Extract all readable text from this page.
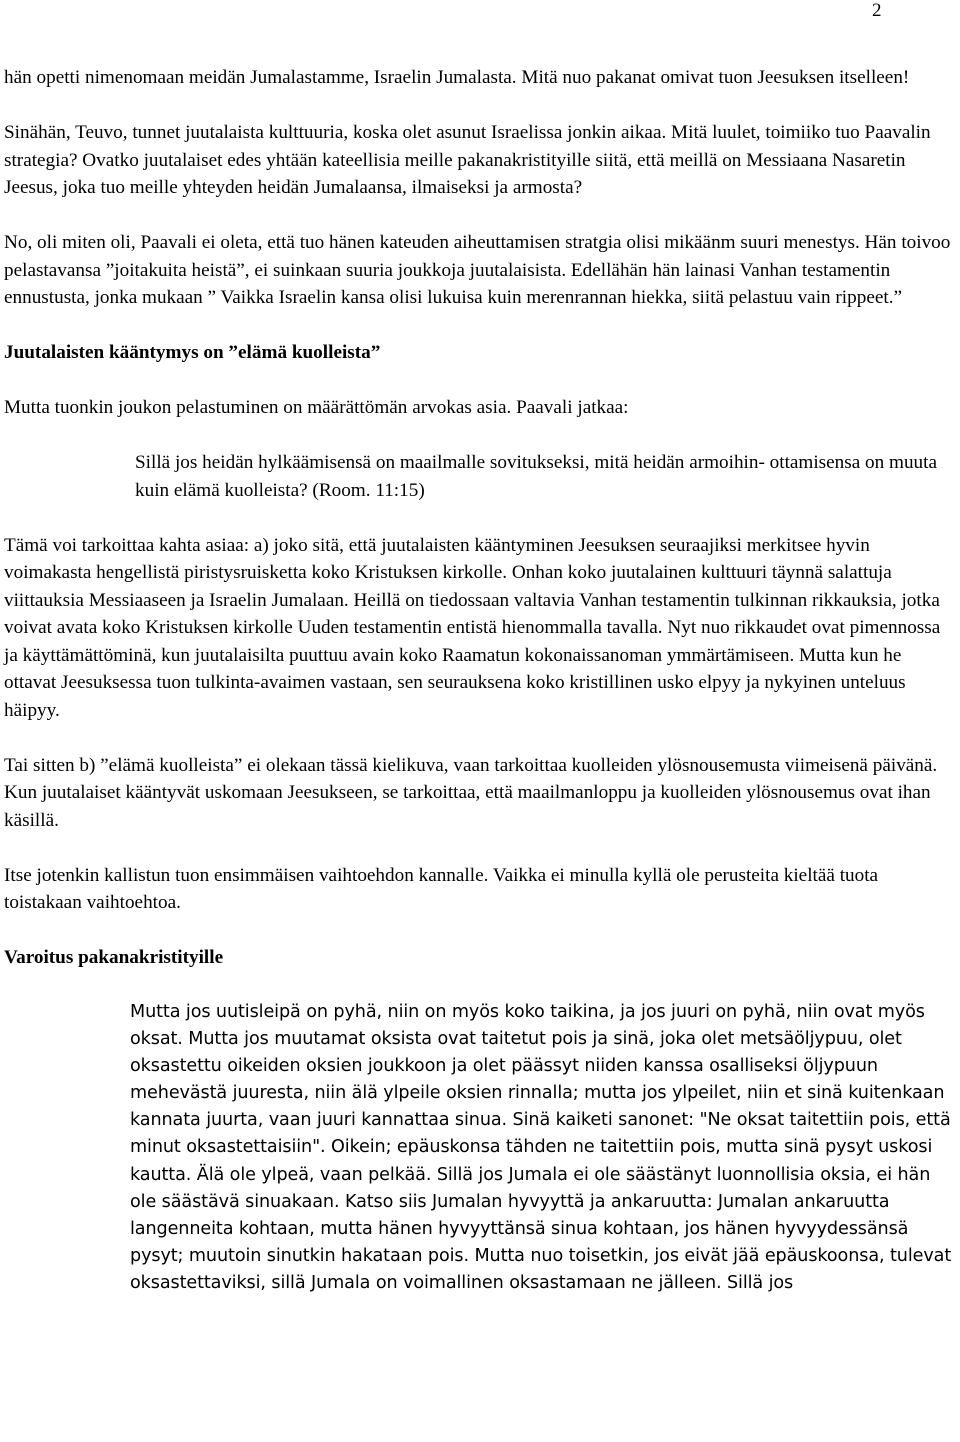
2

hän opetti nimenomaan meidän Jumalastamme, Israelin Jumalasta. Mitä nuo pakanat omivat tuon Jeesuksen itselleen!

Sinähän, Teuvo, tunnet juutalaista kulttuuria, koska olet asunut Israelissa jonkin aikaa. Mitä luulet, toimiiko tuo Paavalin strategia? Ovatko juutalaiset edes yhtään kateellisia meille pakanakristityille siitä, että meillä on Messiaana Nasaretin Jeesus, joka tuo meille yhteyden heidän Jumalaansa, ilmaiseksi ja armosta?

No, oli miten oli, Paavali ei oleta, että tuo hänen kateuden aiheuttamisen stratgia olisi mikäänm suuri menestys. Hän toivoo pelastavansa ”joitakuita heistä”, ei suinkaan suuria joukkoja juutalaisista. Edellähän hän lainasi Vanhan testamentin ennustusta, jonka mukaan ” Vaikka Israelin kansa olisi lukuisa kuin merenrannan hiekka, siitä pelastuu vain rippeet.”

Juutalaisten kääntymys on ”elämä kuolleista”

Mutta tuonkin joukon pelastuminen on määrättömän arvokas asia. Paavali jatkaa:

Sillä jos heidän hylkäämisensä on maailmalle sovitukseksi, mitä heidän armoihin- ottamisensa on muuta kuin elämä kuolleista? (Room. 11:15)

Tämä voi tarkoittaa kahta asiaa: a) joko sitä, että juutalaisten kääntyminen Jeesuksen seuraajiksi merkitsee hyvin voimakasta hengellistä piristysruisketta koko Kristuksen kirkolle. Onhan koko juutalainen kulttuuri täynnä salattuja viittauksia Messiaaseen ja Israelin Jumalaan. Heillä on tiedossaan valtavia Vanhan testamentin tulkinnan rikkauksia, jotka voivat avata koko Kristuksen kirkolle Uuden testamentin entistä hienommalla tavalla. Nyt nuo rikkaudet ovat pimennossa ja käyttämättöminä, kun juutalaisilta puuttuu avain koko Raamatun kokonaissanoman ymmärtämiseen. Mutta kun he ottavat Jeesuksessa tuon tulkinta-avaimen vastaan, sen seurauksena koko kristillinen usko elpyy ja nykyinen unteluus häipyy.

Tai sitten b) ”elämä kuolleista” ei olekaan tässä kielikuva, vaan tarkoittaa kuolleiden ylösnousemusta viimeisenä päivänä. Kun juutalaiset kääntyvät uskomaan Jeesukseen, se tarkoittaa, että maailmanloppu ja kuolleiden ylösnousemus ovat ihan käsillä.

Itse jotenkin kallistun tuon ensimmäisen vaihtoehdon kannalle. Vaikka ei minulla kyllä ole perusteita kieltää tuota toistakaan vaihtoehtoa.

Varoitus pakanakristityille

Mutta jos uutisleipä on pyhä, niin on myös koko taikina, ja jos juuri on pyhä, niin ovat myös oksat. Mutta jos muutamat oksista ovat taitetut pois ja sinä, joka olet metsäöljypuu, olet oksastettu oikeiden oksien joukkoon ja olet päässyt niiden kanssa osalliseksi öljypuun mehevästä juuresta, niin älä ylpeile oksien rinnalla; mutta jos ylpeilet, niin et sinä kuitenkaan kannata juurta, vaan juuri kannattaa sinua. Sinä kaiketi sanonet: "Ne oksat taitettiin pois, että minut oksastettaisiin". Oikein; epäuskonsa tähden ne taitettiin pois, mutta sinä pysyt uskosi kautta. Älä ole ylpeä, vaan pelkää. Sillä jos Jumala ei ole säästänyt luonnollisia oksia, ei hän ole säästävä sinuakaan. Katso siis Jumalan hyvyyttä ja ankaruutta: Jumalan ankaruutta langenneita kohtaan, mutta hänen hyvyyttänsä sinua kohtaan, jos hänen hyvyydessänsä pysyt; muutoin sinutkin hakataan pois. Mutta nuo toisetkin, jos eivät jää epäuskoonsa, tulevat oksastettaviksi, sillä Jumala on voimallinen oksastamaan ne jälleen. Sillä jos
